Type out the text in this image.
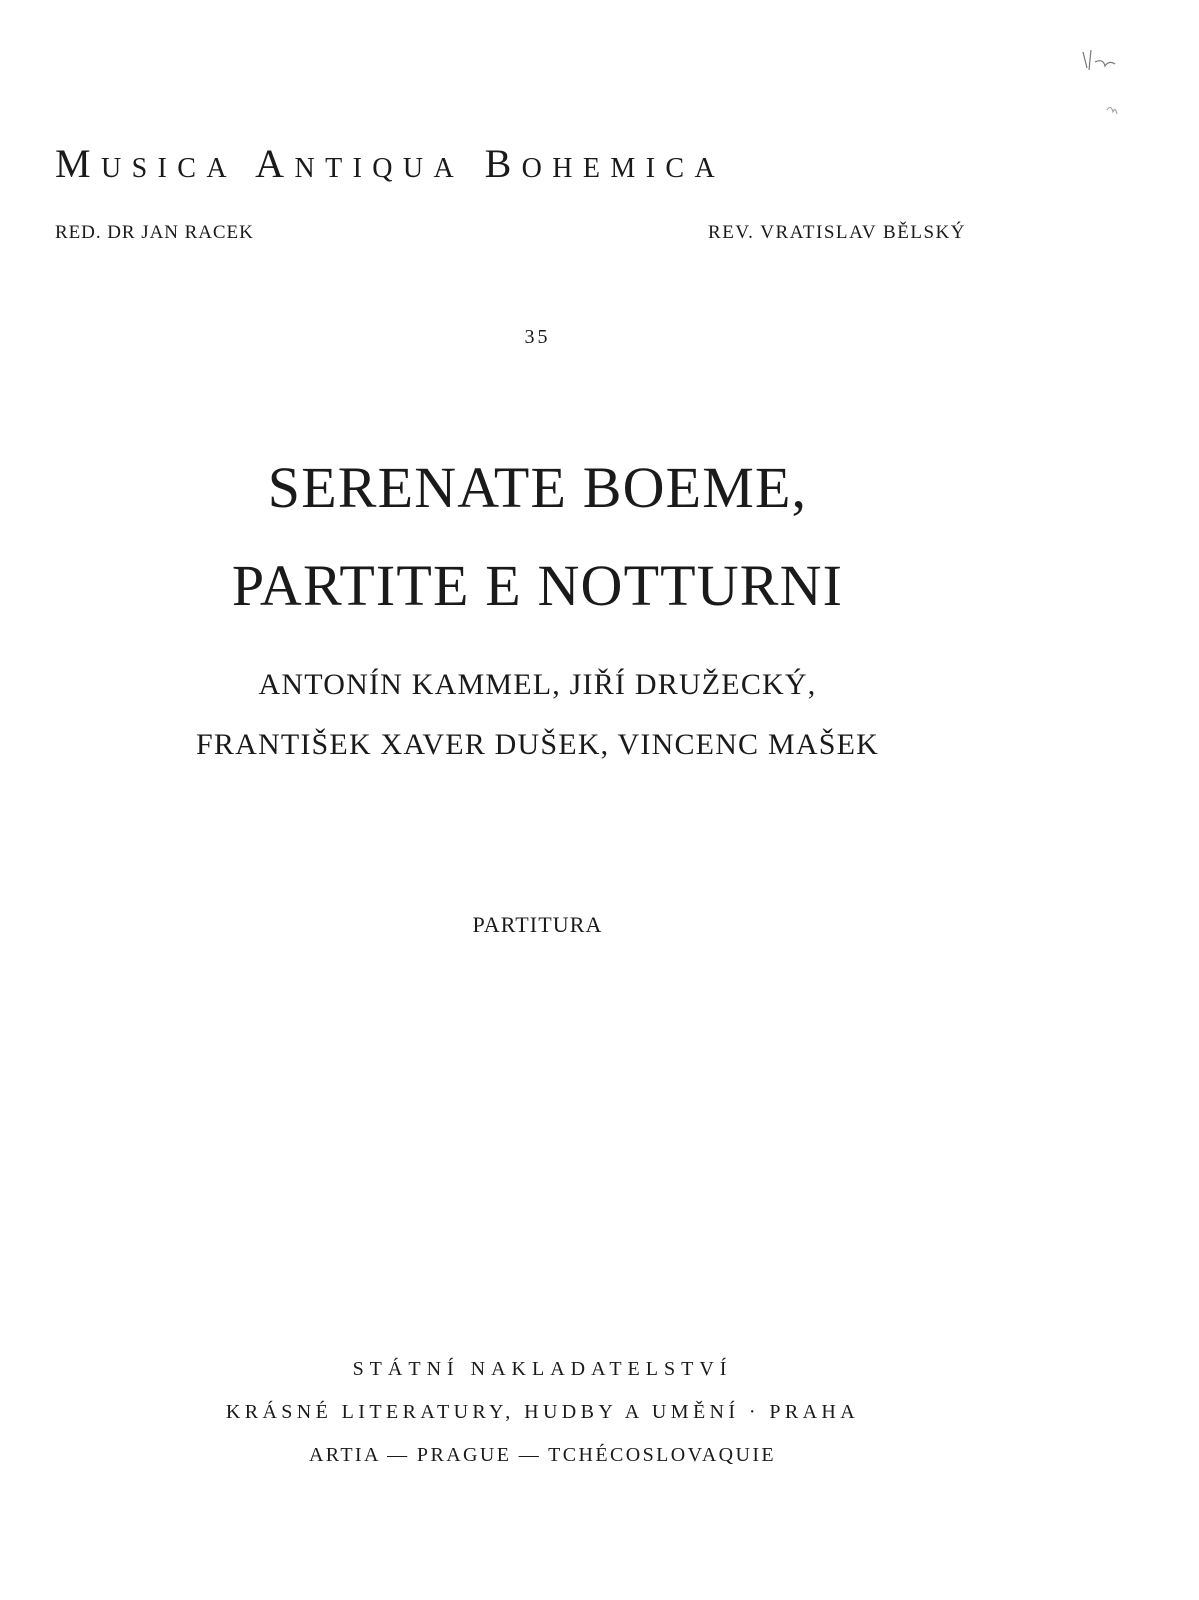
Musica Antiqua Bohemica
RED. DR JAN RACEK	REV. VRATISLAV BĚLSKÝ
35
SERENATE BOEME,
PARTITE E NOTTURNI
ANTONÍN KAMMEL, JIŘÍ DRUŽECKÝ,
FRANTIŠEK XAVER DUŠEK, VINCENC MAŠEK
PARTITURA
STÁTNÍ NAKLADATELSTVÍ
KRÁSNÉ LITERATURY, HUDBY A UMĚNÍ · PRAHA
ARTIA — PRAGUE — TCHÉCOSLOVAQUIE
